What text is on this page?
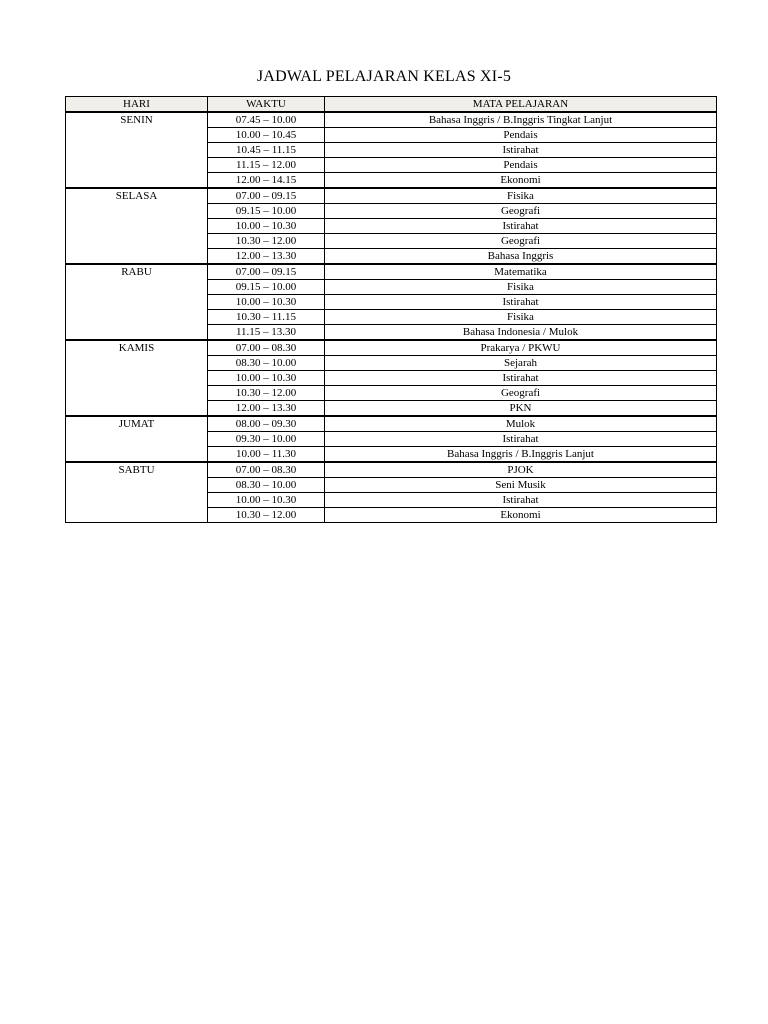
JADWAL PELAJARAN KELAS XI-5
HARI	WAKTU	MATA PELAJARAN
SENIN	07.45 – 10.00	Bahasa Inggris / B.Inggris Tingkat Lanjut
	10.00 – 10.45	Pendais
	10.45 – 11.15	Istirahat
	11.15 – 12.00	Pendais
	12.00 – 14.15	Ekonomi
SELASA	07.00 – 09.15	Fisika
	09.15 – 10.00	Geografi
	10.00 – 10.30	Istirahat
	10.30 – 12.00	Geografi
	12.00 – 13.30	Bahasa Inggris
RABU	07.00 – 09.15	Matematika
	09.15 – 10.00	Fisika
	10.00 – 10.30	Istirahat
	10.30 – 11.15	Fisika
	11.15 – 13.30	Bahasa Indonesia / Mulok
KAMIS	07.00 – 08.30	Prakarya / PKWU
	08.30 – 10.00	Sejarah
	10.00 – 10.30	Istirahat
	10.30 – 12.00	Geografi
	12.00 – 13.30	PKN
JUMAT	08.00 – 09.30	Mulok
	09.30 – 10.00	Istirahat
	10.00 – 11.30	Bahasa Inggris / B.Inggris Lanjut
SABTU	07.00 – 08.30	PJOK
	08.30 – 10.00	Seni Musik
	10.00 – 10.30	Istirahat
	10.30 – 12.00	Ekonomi
